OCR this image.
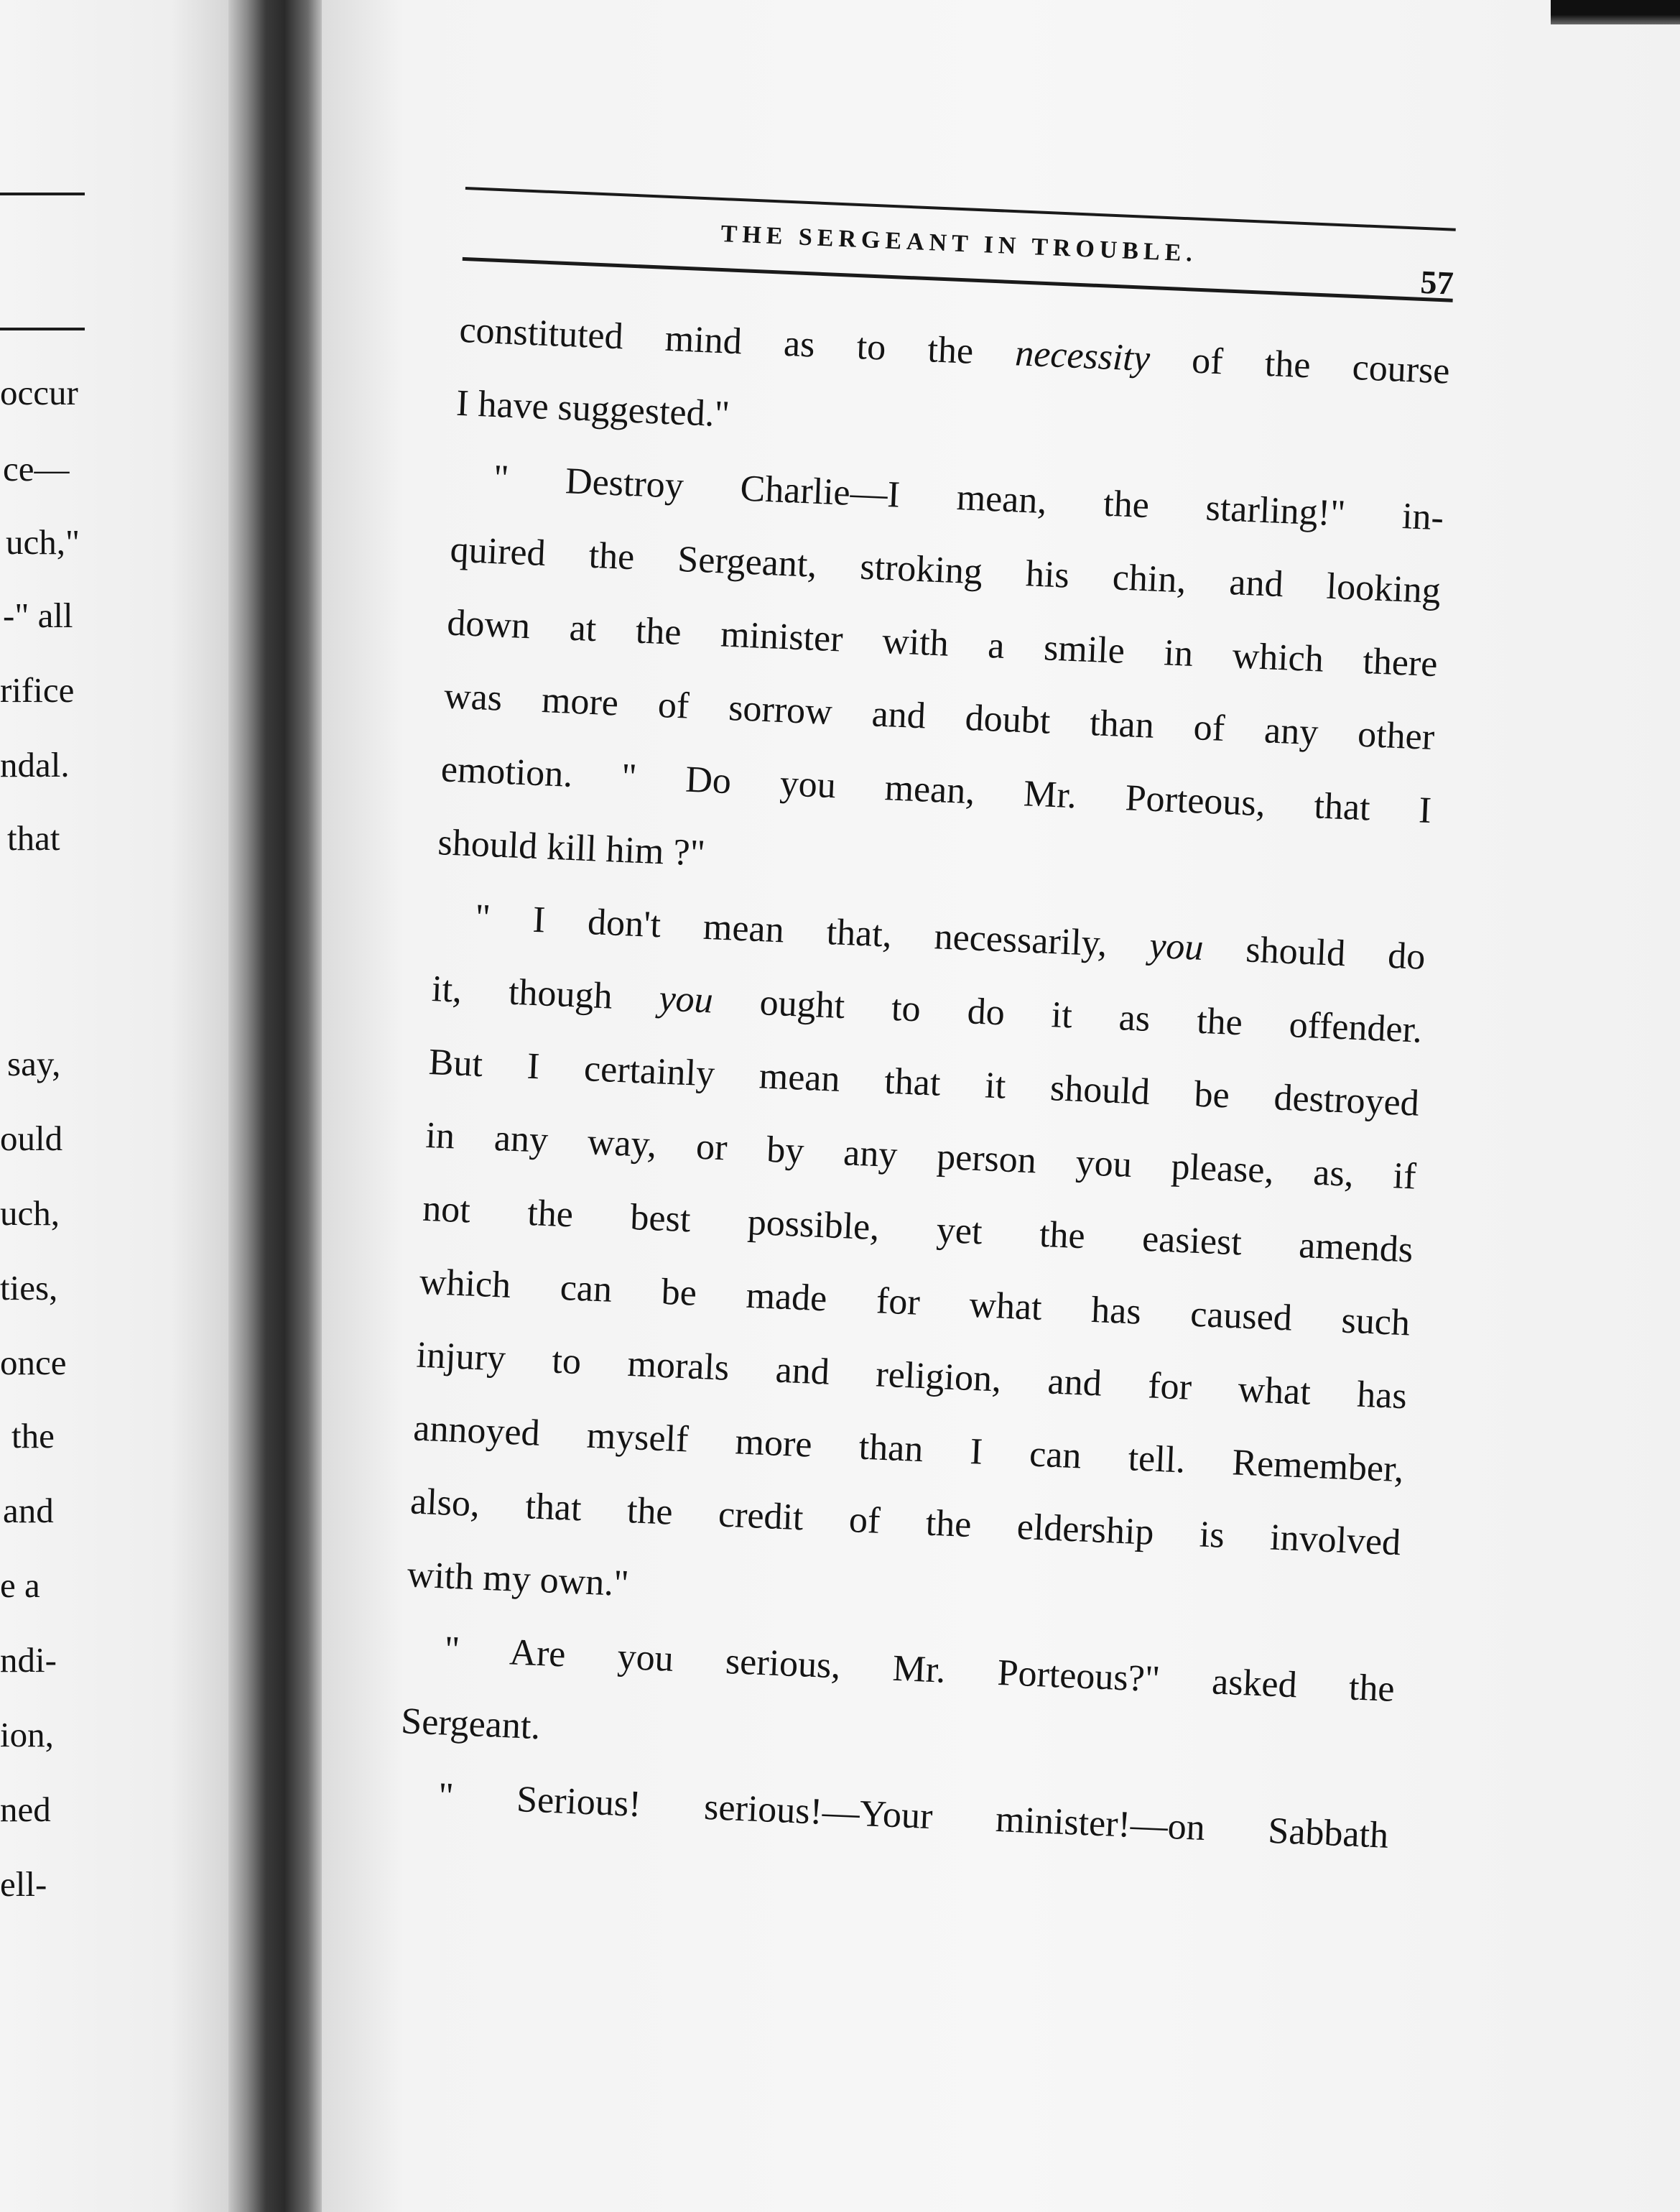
occur
ce—
uch,"
-" all
rifice
ndal.
that
say,
ould
uch,
ties,
once
the
and
e a
ndi-
ion,
ned
ell-
THE SERGEANT IN TROUBLE.
57
constituted mind as to the necessity of the course
I have suggested."
" Destroy Charlie—I mean, the starling!" in-
quired the Sergeant, stroking his chin, and looking
down at the minister with a smile in which there
was more of sorrow and doubt than of any other
emotion. " Do you mean, Mr. Porteous, that I
should kill him ?"
" I don't mean that, necessarily, you should do
it, though you ought to do it as the offender.
But I certainly mean that it should be destroyed
in any way, or by any person you please, as, if
not the best possible, yet the easiest amends
which can be made for what has caused such
injury to morals and religion, and for what has
annoyed myself more than I can tell. Remember,
also, that the credit of the eldership is involved
with my own."
" Are you serious, Mr. Porteous?" asked the
Sergeant.
" Serious! serious!—Your minister!—on Sabbath
